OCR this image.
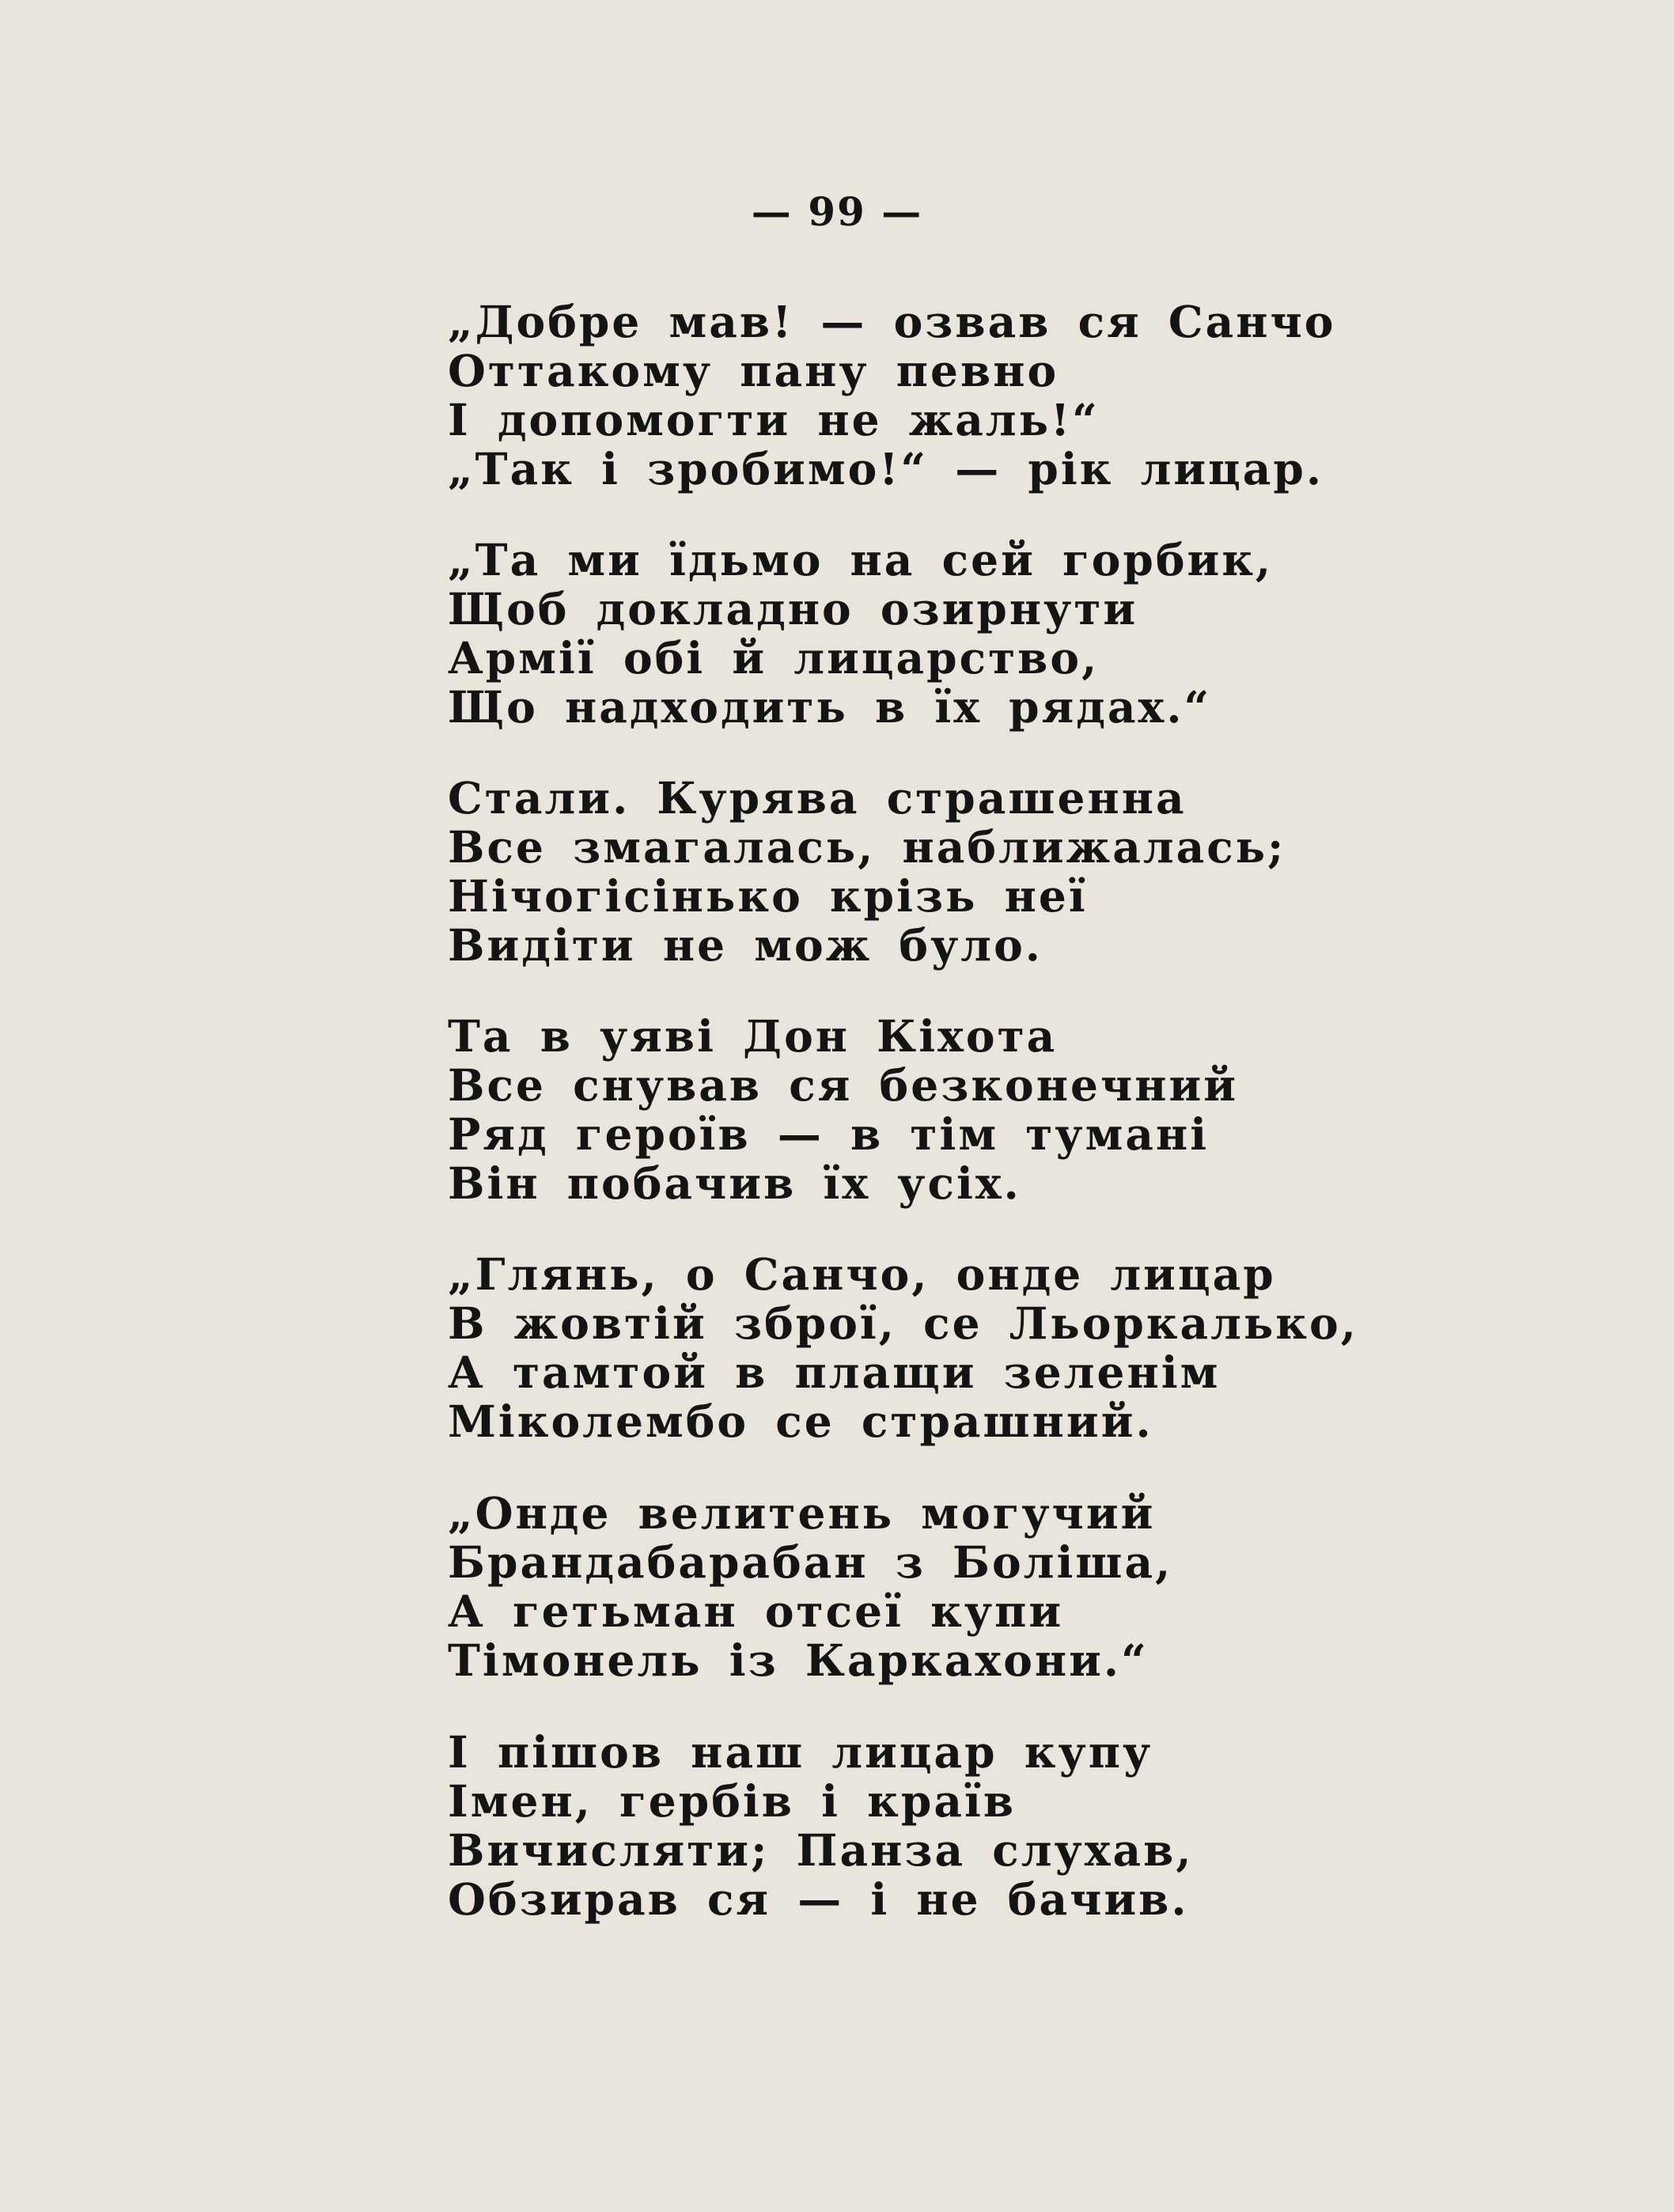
— 99 —
„Добре мав! — озвав ся Санчо
Оттакому пану певно
І допомогти не жаль!“
„Так і зробимо!“ — рік лицар.
„Та ми їдьмо на сей горбик,
Щоб докладно озирнути
Армії обі й лицарство,
Що надходить в їх рядах.“
Стали. Курява страшенна
Все змагалась, наближалась;
Нічогісінько крізь неї
Видіти не мож було.
Та в уяві Дон Кіхота
Все снував ся безконечний
Ряд героїв — в тім тумані
Він побачив їх усіх.
„Глянь, о Санчо, онде лицар
В жовтій зброї, се Льоркалько,
А тамтой в плащи зеленім
Міколембо се страшний.
„Онде велитень могучий
Брандабарабан з Боліша,
А гетьман отсеї купи
Тімонель із Каркахони.“
І пішов наш лицар купу
Імен, гербів і країв
Вичисляти; Панза слухав,
Обзирав ся — і не бачив.
